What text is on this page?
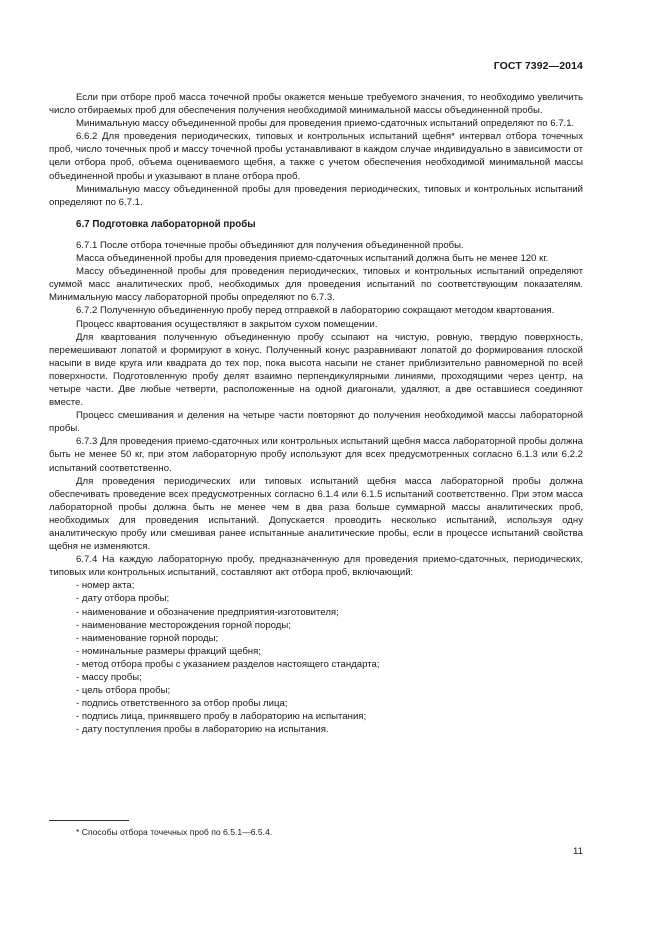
ГОСТ 7392—2014

Если при отборе проб масса точечной пробы окажется меньше требуемого значения, то необходимо увеличить число отбираемых проб для обеспечения получения необходимой минимальной массы объединенной пробы.

Минимальную массу объединенной пробы для проведения приемо-сдаточных испытаний определяют по 6.7.1.

6.6.2 Для проведения периодических, типовых и контрольных испытаний щебня* интервал отбора точечных проб, число точечных проб и массу точечной пробы устанавливают в каждом случае индивидуально в зависимости от цели отбора проб, объема оцениваемого щебня, а также с учетом обеспечения необходимой минимальной массы объединенной пробы и указывают в плане отбора проб.

Минимальную массу объединенной пробы для проведения периодических, типовых и контрольных испытаний определяют по 6.7.1.

6.7 Подготовка лабораторной пробы

6.7.1 После отбора точечные пробы объединяют для получения объединенной пробы.

Масса объединенной пробы для проведения приемо-сдаточных испытаний должна быть не менее 120 кг.

Массу объединенной пробы для проведения периодических, типовых и контрольных испытаний определяют суммой масс аналитических проб, необходимых для проведения испытаний по соответствующим показателям. Минимальную массу лабораторной пробы определяют по 6.7.3.

6.7.2 Полученную объединенную пробу перед отправкой в лабораторию сокращают методом квартования.

Процесс квартования осуществляют в закрытом сухом помещении.

Для квартования полученную объединенную пробу ссыпают на чистую, ровную, твердую поверхность, перемешивают лопатой и формируют в конус. Полученный конус разравнивают лопатой до формирования плоской насыпи в виде круга или квадрата до тех пор, пока высота насыпи не станет приблизительно равномерной по всей поверхности. Подготовленную пробу делят взаимно перпендикулярными линиями, проходящими через центр, на четыре части. Две любые четверти, расположенные на одной диагонали, удаляют, а две оставшиеся соединяют вместе.

Процесс смешивания и деления на четыре части повторяют до получения необходимой массы лабораторной пробы.

6.7.3 Для проведения приемо-сдаточных или контрольных испытаний щебня масса лабораторной пробы должна быть не менее 50 кг, при этом лабораторную пробу используют для всех предусмотренных согласно 6.1.3 или 6.2.2 испытаний соответственно.

Для проведения периодических или типовых испытаний щебня масса лабораторной пробы должна обеспечивать проведение всех предусмотренных согласно 6.1.4 или 6.1.5 испытаний соответственно. При этом масса лабораторной пробы должна быть не менее чем в два раза больше суммарной массы аналитических проб, необходимых для проведения испытаний. Допускается проводить несколько испытаний, используя одну аналитическую пробу или смешивая ранее испытанные аналитические пробы, если в процессе испытаний свойства щебня не изменяются.

6.7.4 На каждую лабораторную пробу, предназначенную для проведения приемо-сдаточных, периодических, типовых или контрольных испытаний, составляют акт отбора проб, включающий:

- номер акта;
- дату отбора пробы;
- наименование и обозначение предприятия-изготовителя;
- наименование месторождения горной породы;
- наименование горной породы;
- номинальные размеры фракций щебня;
- метод отбора пробы с указанием разделов настоящего стандарта;
- массу пробы;
- цель отбора пробы;
- подпись ответственного за отбор пробы лица;
- подпись лица, принявшего пробу в лабораторию на испытания;
- дату поступления пробы в лабораторию на испытания.
* Способы отбора точечных проб по 6.5.1—6.5.4.
11
